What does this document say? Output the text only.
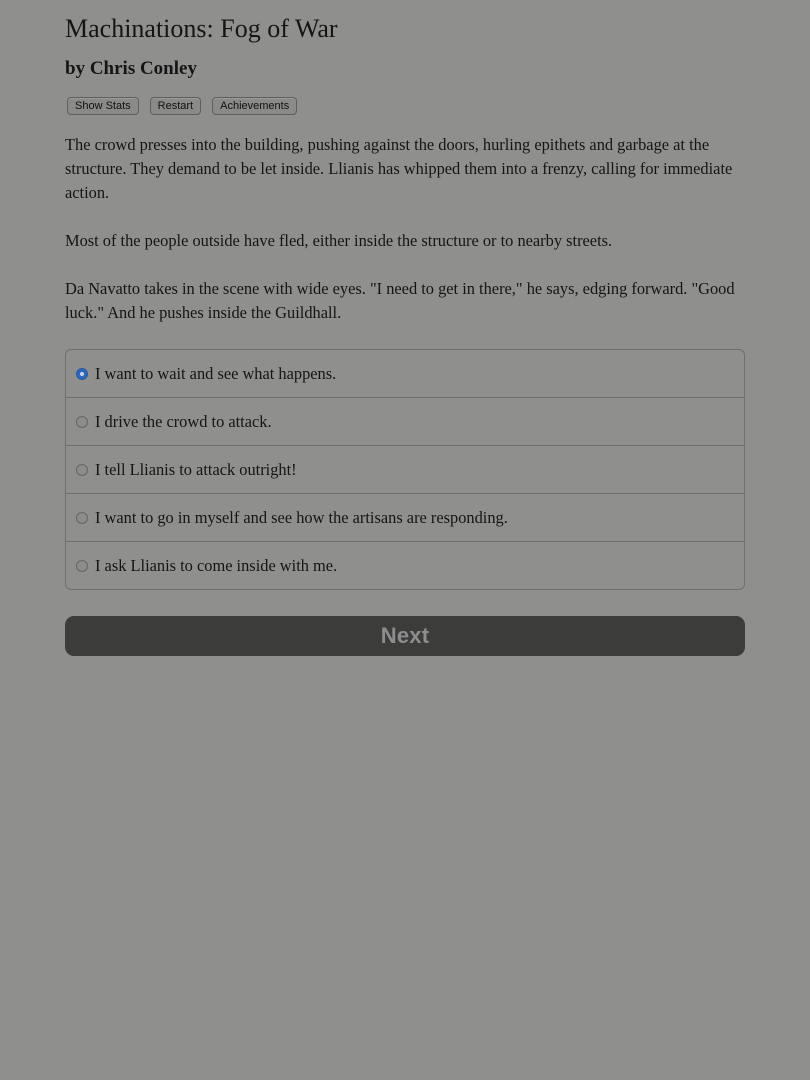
Machinations: Fog of War
by Chris Conley
Show Stats	Restart	Achievements

The crowd presses into the building, pushing against the doors, hurling epithets and garbage at the structure. They demand to be let inside. Llianis has whipped them into a frenzy, calling for immediate action.

Most of the people outside have fled, either inside the structure or to nearby streets.

Da Navatto takes in the scene with wide eyes. "I need to get in there," he says, edging forward. "Good luck." And he pushes inside the Guildhall.

I want to wait and see what happens.
I drive the crowd to attack.
I tell Llianis to attack outright!
I want to go in myself and see how the artisans are responding.
I ask Llianis to come inside with me.
Next
